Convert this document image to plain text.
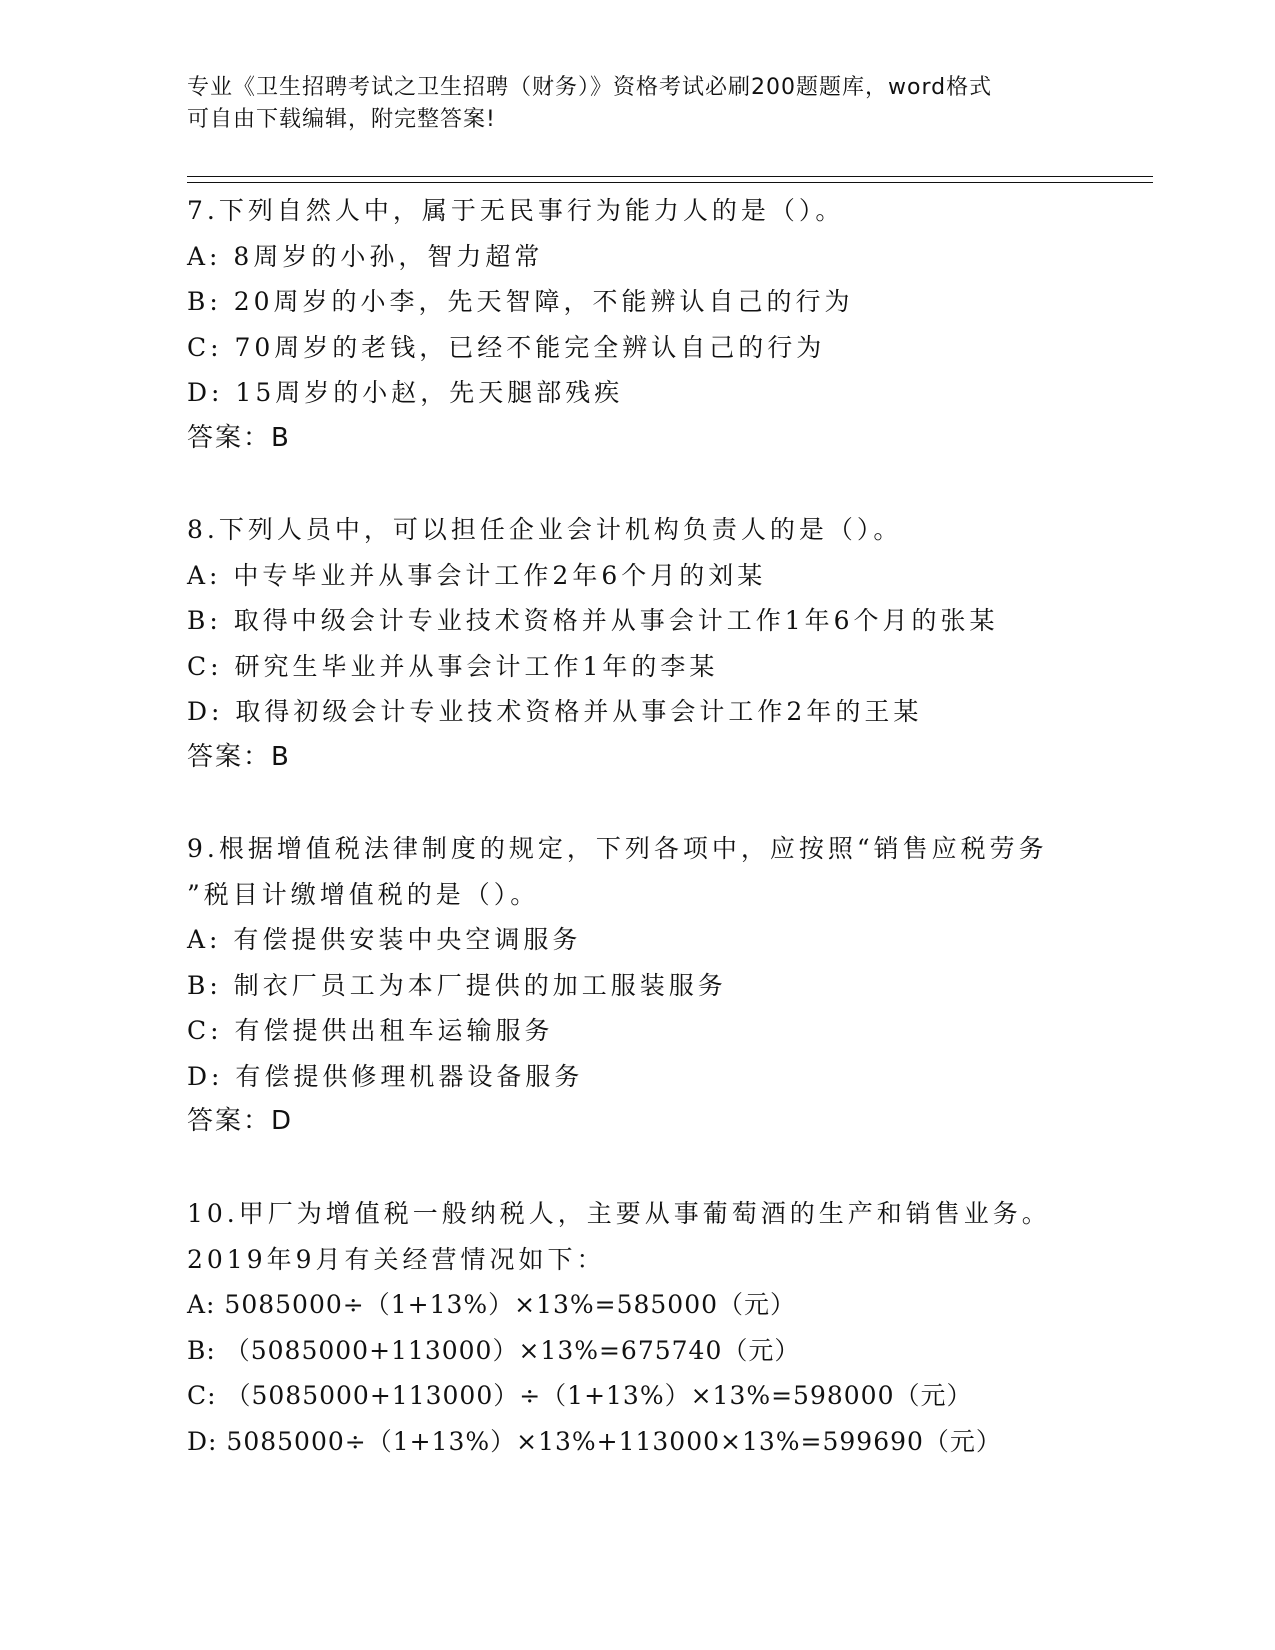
专业《卫生招聘考试之卫生招聘（财务）》资格考试必刷200题题库，word格式
可自由下载编辑，附完整答案!
7.下列自然人中，属于无民事行为能力人的是（）。
A: 8周岁的小孙，智力超常
B: 20周岁的小李，先天智障，不能辨认自己的行为
C: 70周岁的老钱，已经不能完全辨认自己的行为
D: 15周岁的小赵，先天腿部残疾
答案：B
8.下列人员中，可以担任企业会计机构负责人的是（）。
A: 中专毕业并从事会计工作2年6个月的刘某
B: 取得中级会计专业技术资格并从事会计工作1年6个月的张某
C: 研究生毕业并从事会计工作1年的李某
D: 取得初级会计专业技术资格并从事会计工作2年的王某
答案：B
9.根据增值税法律制度的规定，下列各项中，应按照“销售应税劳务
”税目计缴增值税的是（）。
A: 有偿提供安装中央空调服务
B: 制衣厂员工为本厂提供的加工服装服务
C: 有偿提供出租车运输服务
D: 有偿提供修理机器设备服务
答案：D
10.甲厂为增值税一般纳税人，主要从事葡萄酒的生产和销售业务。
2019年9月有关经营情况如下：
A: 5085000÷（1+13%）×13%=585000（元）
B: （5085000+113000）×13%=675740（元）
C: （5085000+113000）÷（1+13%）×13%=598000（元）
D: 5085000÷（1+13%）×13%+113000×13%=599690（元）
